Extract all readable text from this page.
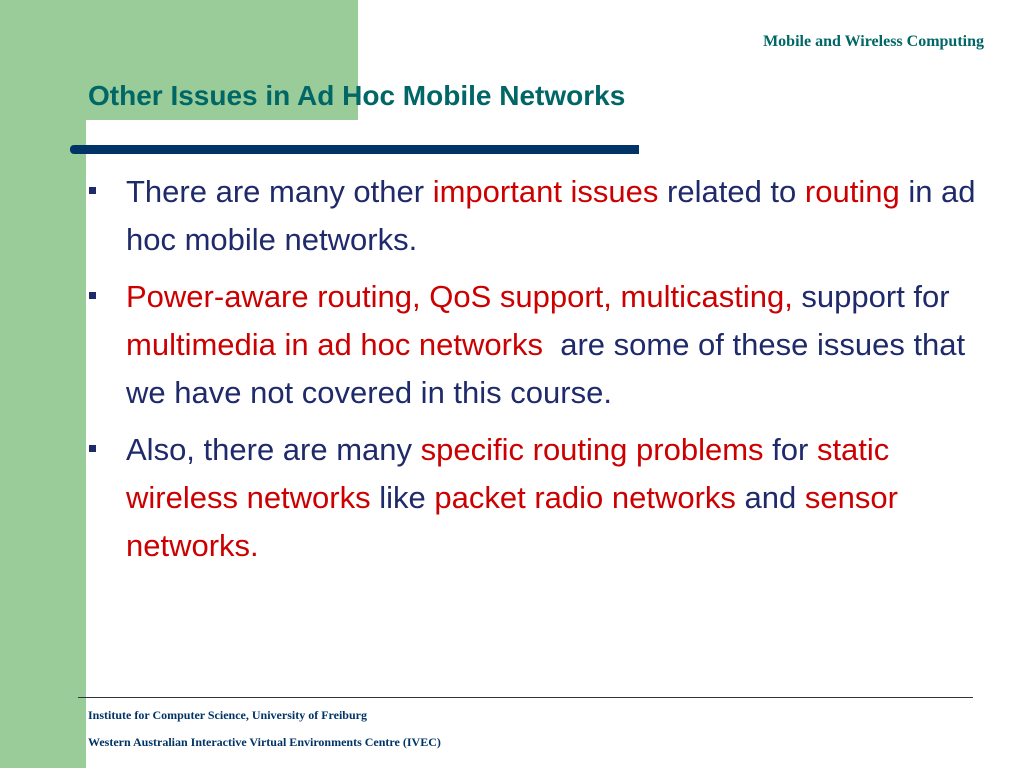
Mobile and Wireless Computing
Other Issues in Ad Hoc Mobile Networks
There are many other important issues related to routing in ad hoc mobile networks.
Power-aware routing, QoS support, multicasting, support for multimedia in ad hoc networks  are some of these issues that we have not covered in this course.
Also, there are many specific routing problems for static wireless networks like packet radio networks and sensor networks.
Institute for Computer Science, University of Freiburg
Western Australian Interactive Virtual Environments Centre (IVEC)
